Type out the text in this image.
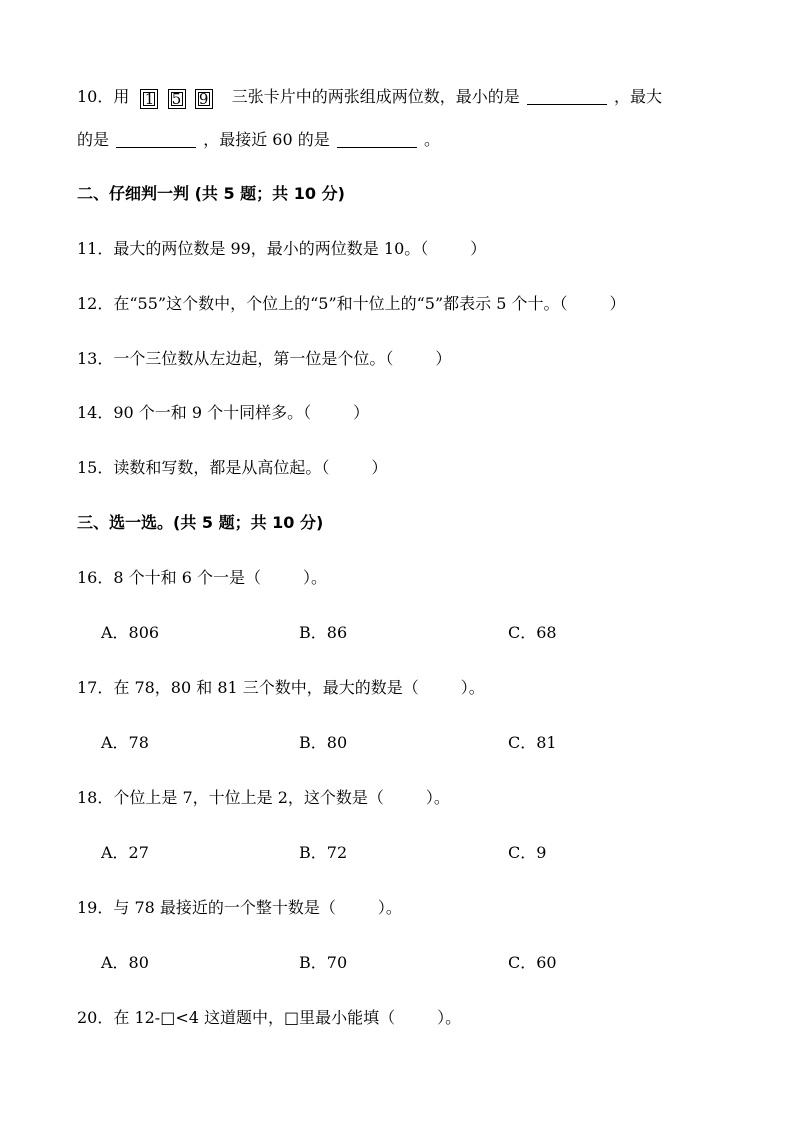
10．用 1 5 9 三张卡片中的两张组成两位数，最小的是	，最大
的是	，最接近 60 的是	。
二、仔细判一判 (共 5 题；共 10 分)
11．最大的两位数是 99，最小的两位数是 10。（	）
12．在“55”这个数中，个位上的“5”和十位上的“5”都表示 5 个十。（	）
13．一个三位数从左边起，第一位是个位。（	）
14．90 个一和 9 个十同样多。（	）
15．读数和写数，都是从高位起。（	）
三、选一选。(共 5 题；共 10 分)
16．8 个十和 6 个一是（	）。
A．806	B．86	C．68
17．在 78，80 和 81 三个数中，最大的数是（	）。
A．78	B．80	C．81
18．个位上是 7，十位上是 2，这个数是（	）。
A．27	B．72	C．9
19．与 78 最接近的一个整十数是（	）。
A．80	B．70	C．60
20．在 12-□<4 这道题中，□里最小能填（	）。
